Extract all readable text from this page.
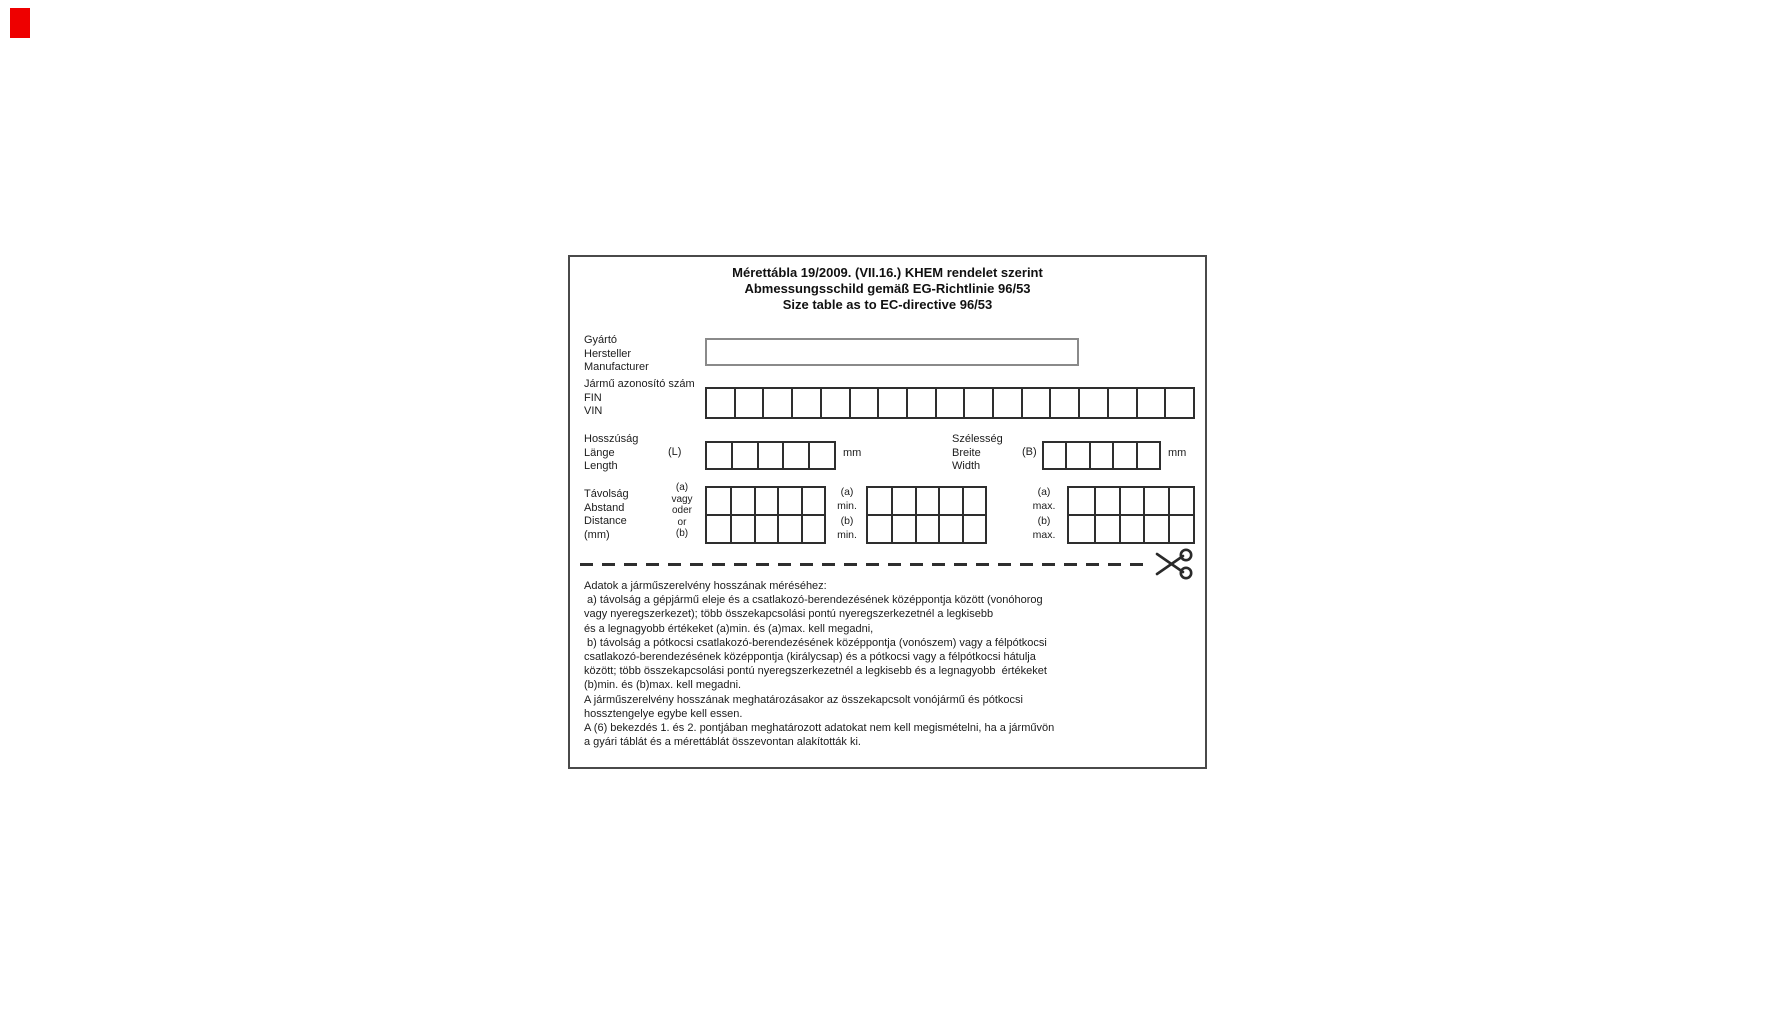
Mérettábla 19/2009. (VII.16.) KHEM rendelet szerint
Abmessungsschild gemäß EG-Richtlinie 96/53
Size table as to EC-directive 96/53
Gyártó
Hersteller
Manufacturer
Jármű azonosító szám
FIN
VIN
Hosszúság
Länge
Length
(L)	mm
Szélesség
Breite
Width
(B)	mm
Távolság
Abstand
Distance
(mm)
(a)
vagy
oder
or
(b)
(a)
min.
(b)
min.
(a)
max.
(b)
max.
Adatok a járműszerelvény hosszának méréséhez:
a) távolság a gépjármű eleje és a csatlakozó-berendezésének középpontja között (vonóhorog
vagy nyeregszerkezet); több összekapcsolási pontú nyeregszerkezetnél a legkisebb
és a legnagyobb értékeket (a)min. és (a)max. kell megadni,
b) távolság a pótkocsi csatlakozó-berendezésének középpontja (vonószem) vagy a félpótkocsi
csatlakozó-berendezésének középpontja (királycsap) és a pótkocsi vagy a félpótkocsi hátulja
között; több összekapcsolási pontú nyeregszerkezetnél a legkisebb és a legnagyobb  értékeket
(b)min. és (b)max. kell megadni.
A járműszerelvény hosszának meghatározásakor az összekapcsolt vonójármű és pótkocsi
hossztengelye egybe kell essen.
A (6) bekezdés 1. és 2. pontjában meghatározott adatokat nem kell megismételni, ha a járművön
a gyári táblát és a mérettáblát összevontan alakították ki.
